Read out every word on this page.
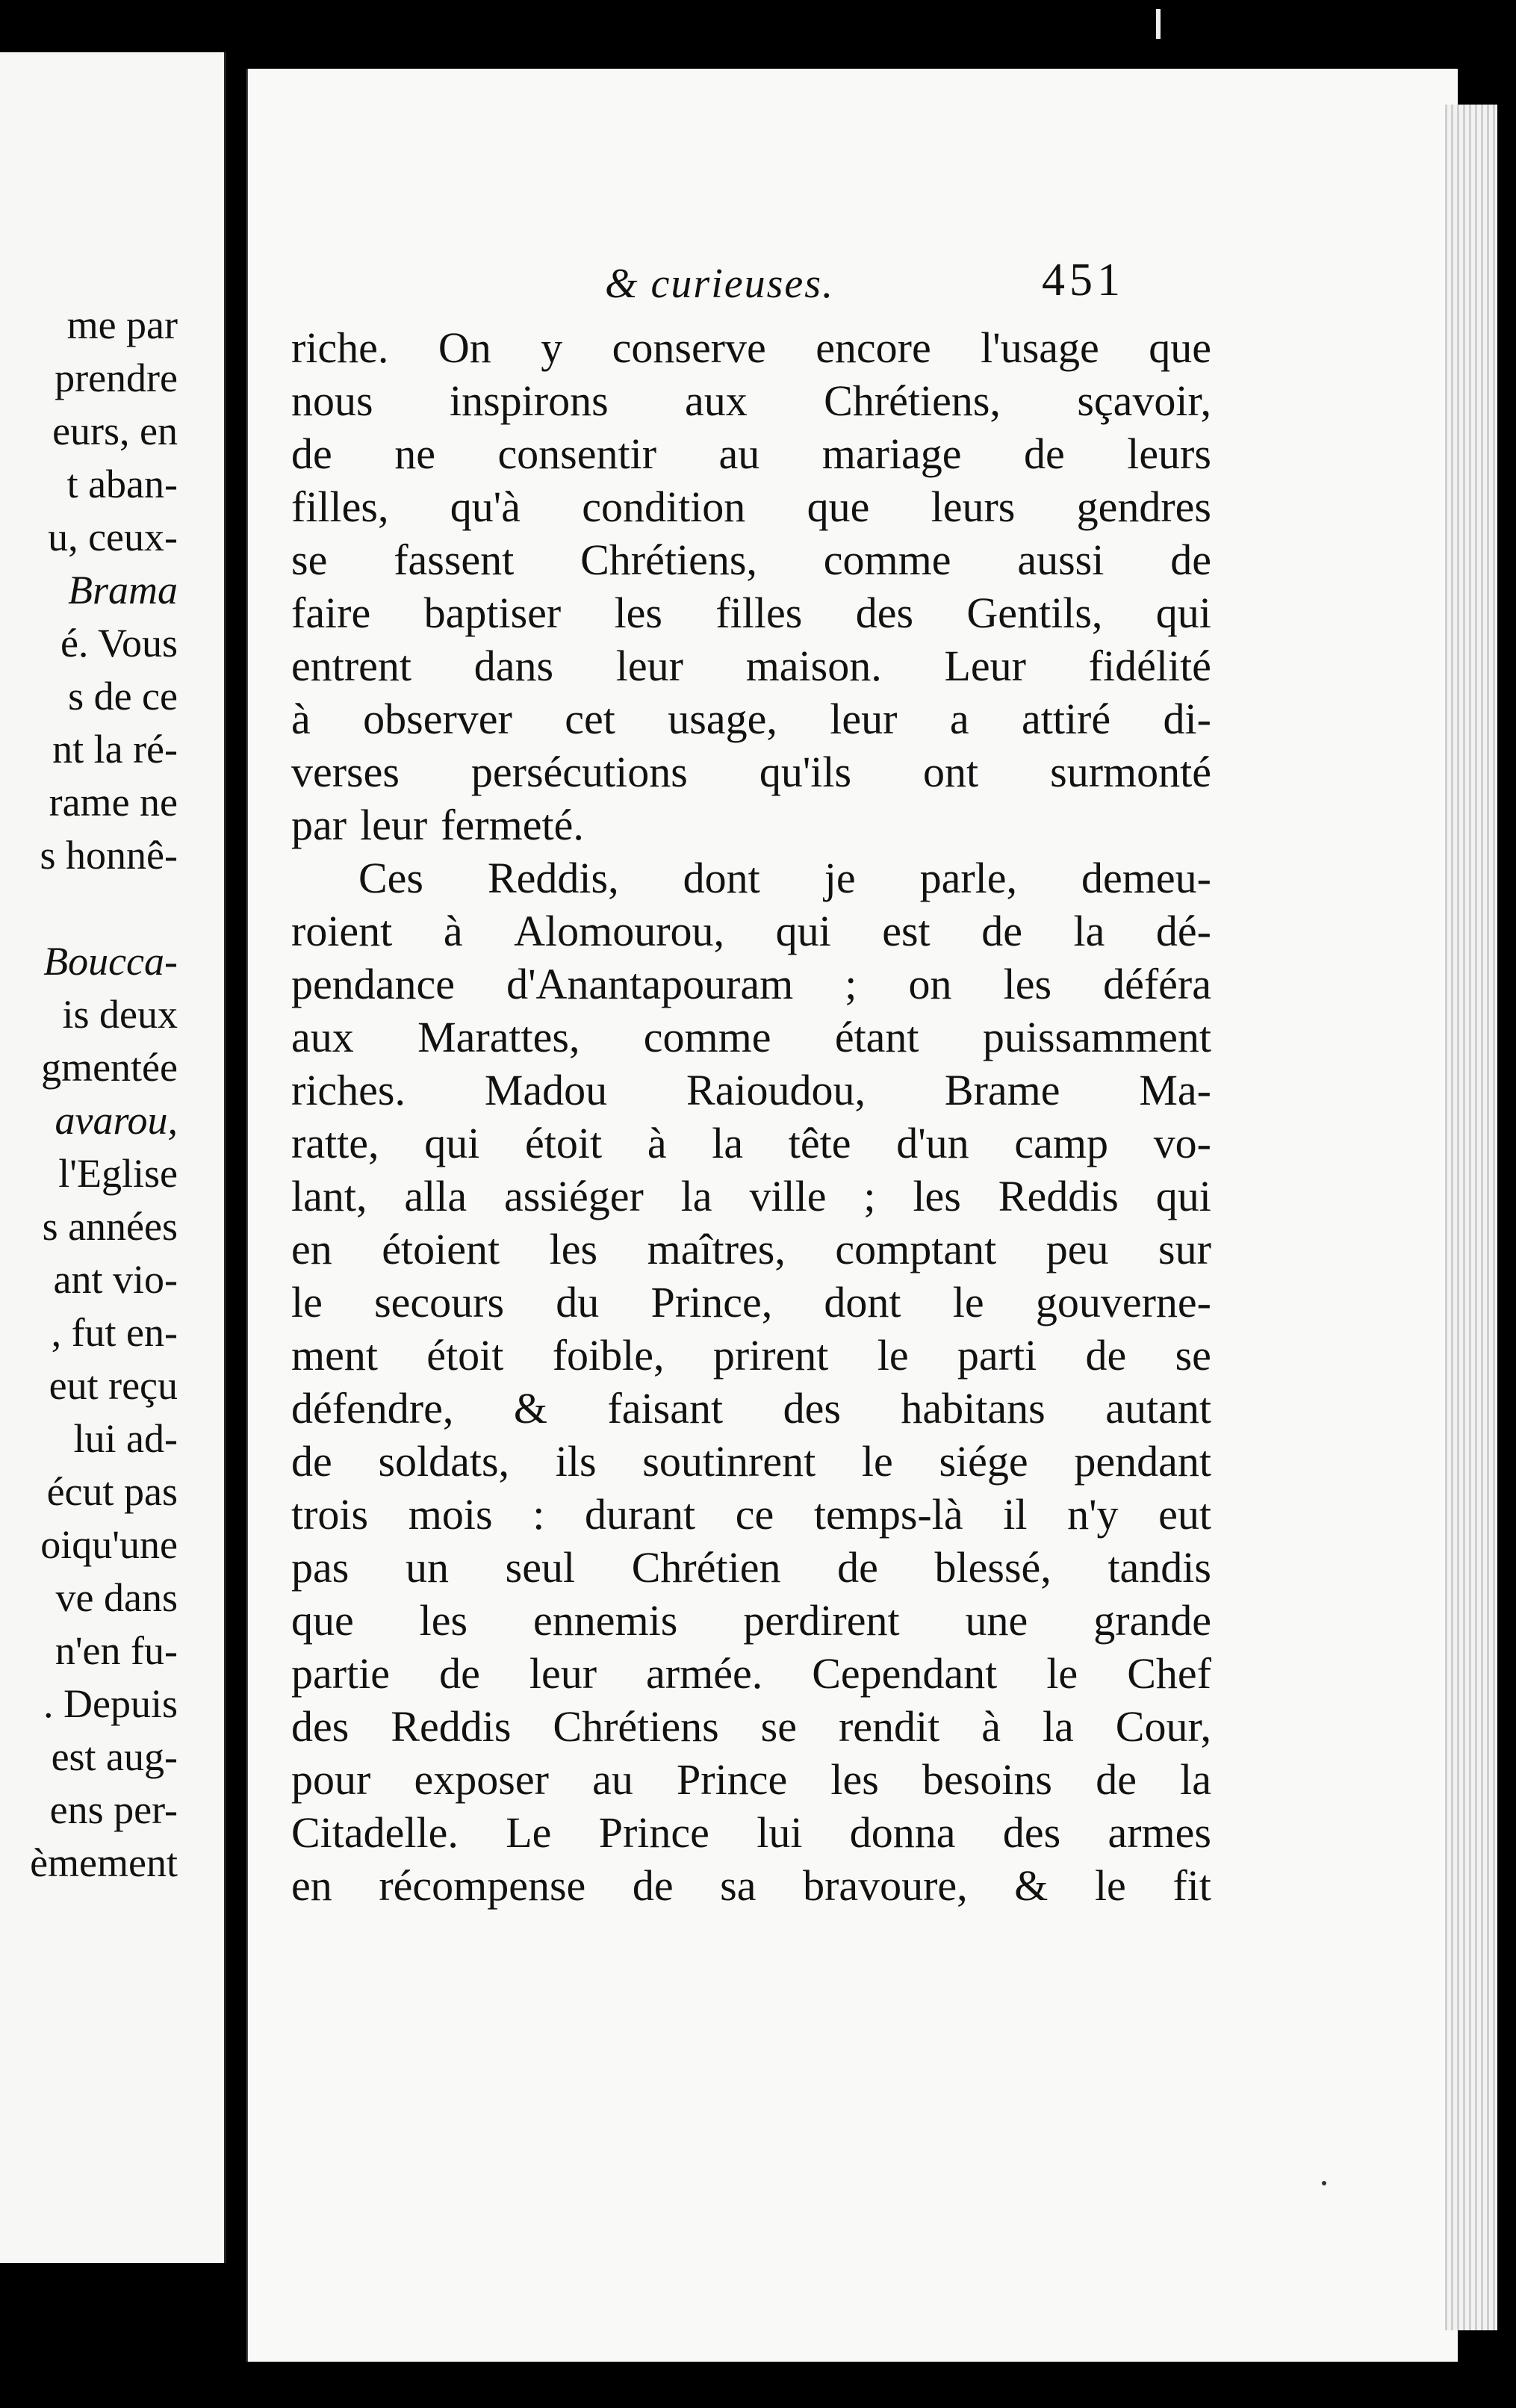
me par
prendre
eurs, en
t aban-
u, ceux-
Brama
é. Vous
s de ce
nt la ré-
rame ne
s honnê-
Boucca-
is deux
gmentée
avarou,
l'Eglise
s années
ant vio-
, fut en-
eut reçu
lui ad-
écut pas
oiqu'une
ve dans
n'en fu-
. Depuis
est aug-
ens per-
èmement
& curieuses.	451
riche. On y conserve encore l'usage que
nous inspirons aux Chrétiens, sçavoir,
de ne consentir au mariage de leurs
filles, qu'à condition que leurs gendres
se fassent Chrétiens, comme aussi de
faire baptiser les filles des Gentils, qui
entrent dans leur maison. Leur fidélité
à observer cet usage, leur a attiré di-
verses persécutions qu'ils ont surmonté
par leur fermeté.
Ces Reddis, dont je parle, demeu-
roient à Alomourou, qui est de la dé-
pendance d'Anantapouram ; on les déféra
aux Marattes, comme étant puissamment
riches. Madou Raioudou, Brame Ma-
ratte, qui étoit à la tête d'un camp vo-
lant, alla assiéger la ville ; les Reddis qui
en étoient les maîtres, comptant peu sur
le secours du Prince, dont le gouverne-
ment étoit foible, prirent le parti de se
défendre, & faisant des habitans autant
de soldats, ils soutinrent le siége pendant
trois mois : durant ce temps-là il n'y eut
pas un seul Chrétien de blessé, tandis
que les ennemis perdirent une grande
partie de leur armée. Cependant le Chef
des Reddis Chrétiens se rendit à la Cour,
pour exposer au Prince les besoins de la
Citadelle. Le Prince lui donna des armes
en récompense de sa bravoure, & le fit
